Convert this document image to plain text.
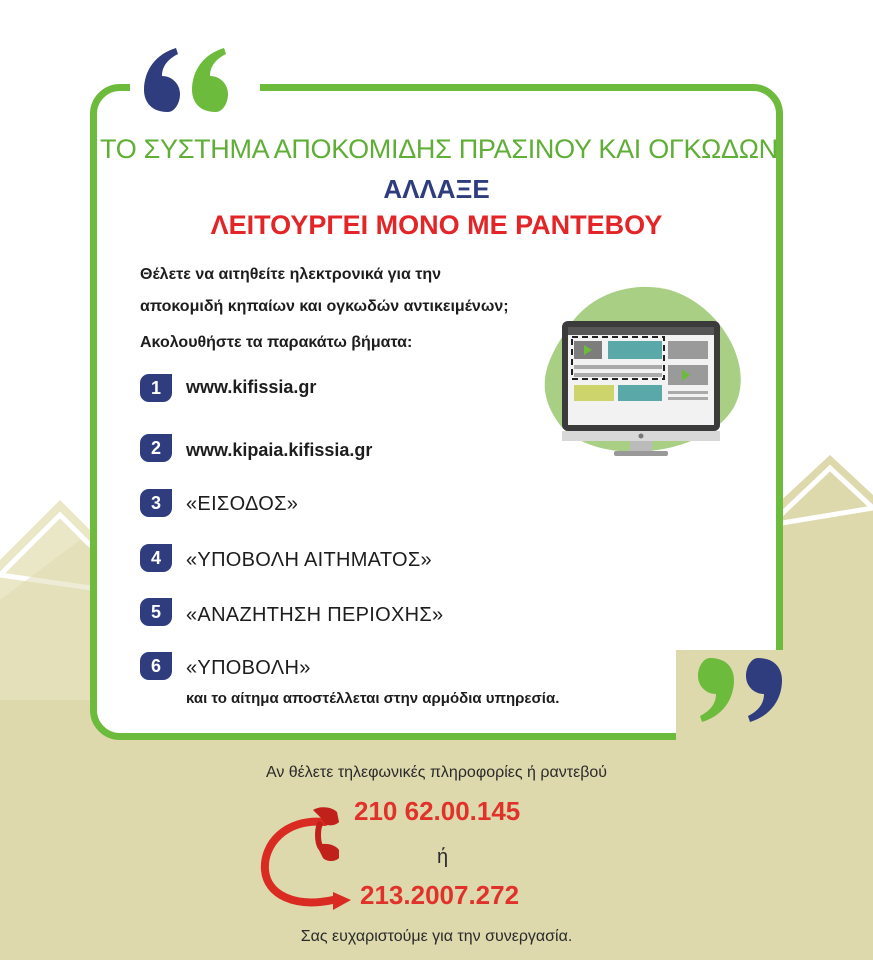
ΤΟ ΣΥΣΤΗΜΑ ΑΠΟΚΟΜΙΔΗΣ ΠΡΑΣΙΝΟΥ ΚΑΙ ΟΓΚΩΔΩΝ
ΑΛΛΑΞΕ
ΛΕΙΤΟΥΡΓΕΙ ΜΟΝΟ ΜΕ ΡΑΝΤΕΒΟΥ
Θέλετε να αιτηθείτε ηλεκτρονικά για την
αποκομιδή κηπαίων και ογκωδών αντικειμένων;
Ακολουθήστε τα παρακάτω βήματα:
1	www.kifissia.gr
2	www.kipaia.kifissia.gr
3	«ΕΙΣΟΔΟΣ»
4	«ΥΠΟΒΟΛΗ ΑΙΤΗΜΑΤΟΣ»
5	«ΑΝΑΖΗΤΗΣΗ ΠΕΡΙΟΧΗΣ»
6	«ΥΠΟΒΟΛΗ»
και το αίτημα αποστέλλεται στην αρμόδια υπηρεσία.
Αν θέλετε τηλεφωνικές πληροφορίες ή ραντεβού
210 62.00.145
ή
213.2007.272
Σας ευχαριστούμε για την συνεργασία.
